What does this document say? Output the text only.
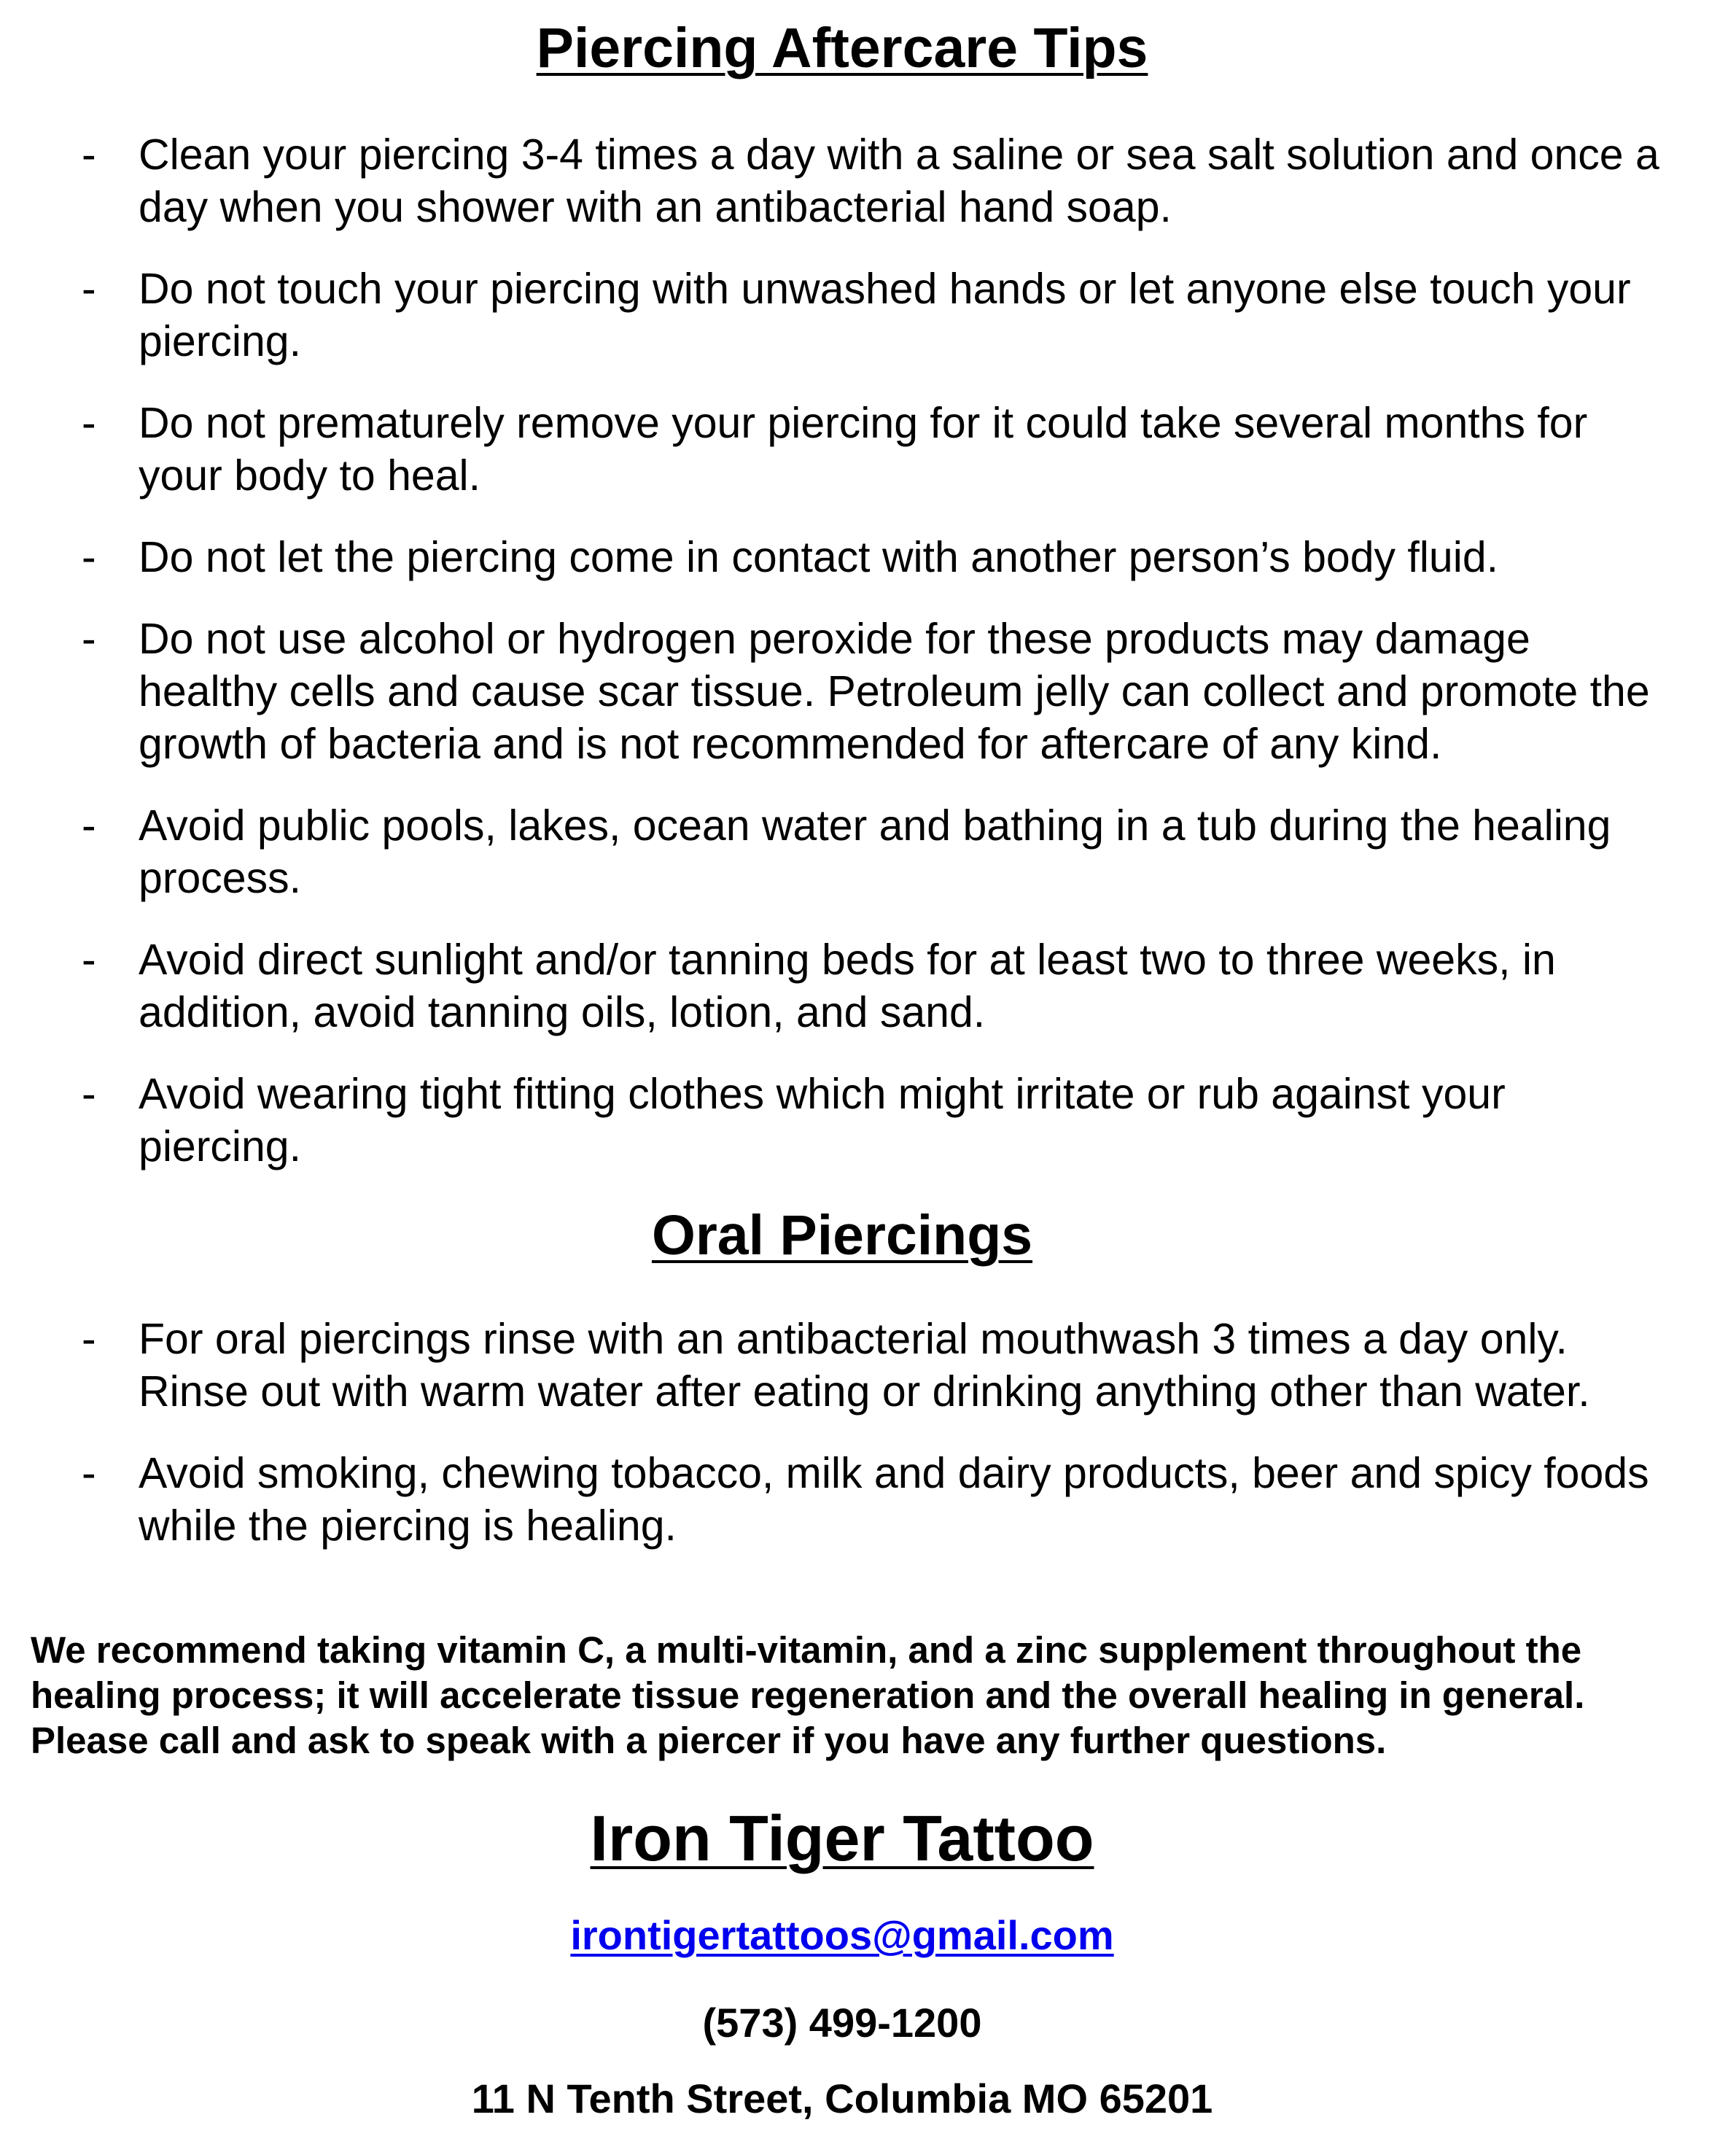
Piercing Aftercare Tips
- Clean your piercing 3-4 times a day with a saline or sea salt solution and once a day when you shower with an antibacterial hand soap.
- Do not touch your piercing with unwashed hands or let anyone else touch your piercing.
- Do not prematurely remove your piercing for it could take several months for your body to heal.
- Do not let the piercing come in contact with another person’s body fluid.
- Do not use alcohol or hydrogen peroxide for these products may damage healthy cells and cause scar tissue. Petroleum jelly can collect and promote the growth of bacteria and is not recommended for aftercare of any kind.
- Avoid public pools, lakes, ocean water and bathing in a tub during the healing process.
- Avoid direct sunlight and/or tanning beds for at least two to three weeks, in addition, avoid tanning oils, lotion, and sand.
- Avoid wearing tight fitting clothes which might irritate or rub against your piercing.
Oral Piercings
- For oral piercings rinse with an antibacterial mouthwash 3 times a day only. Rinse out with warm water after eating or drinking anything other than water.
- Avoid smoking, chewing tobacco, milk and dairy products, beer and spicy foods while the piercing is healing.

We recommend taking vitamin C, a multi-vitamin, and a zinc supplement throughout the healing process; it will accelerate tissue regeneration and the overall healing in general. Please call and ask to speak with a piercer if you have any further questions.

Iron Tiger Tattoo

irontigertattoos@gmail.com

(573) 499-1200

11 N Tenth Street, Columbia MO 65201
